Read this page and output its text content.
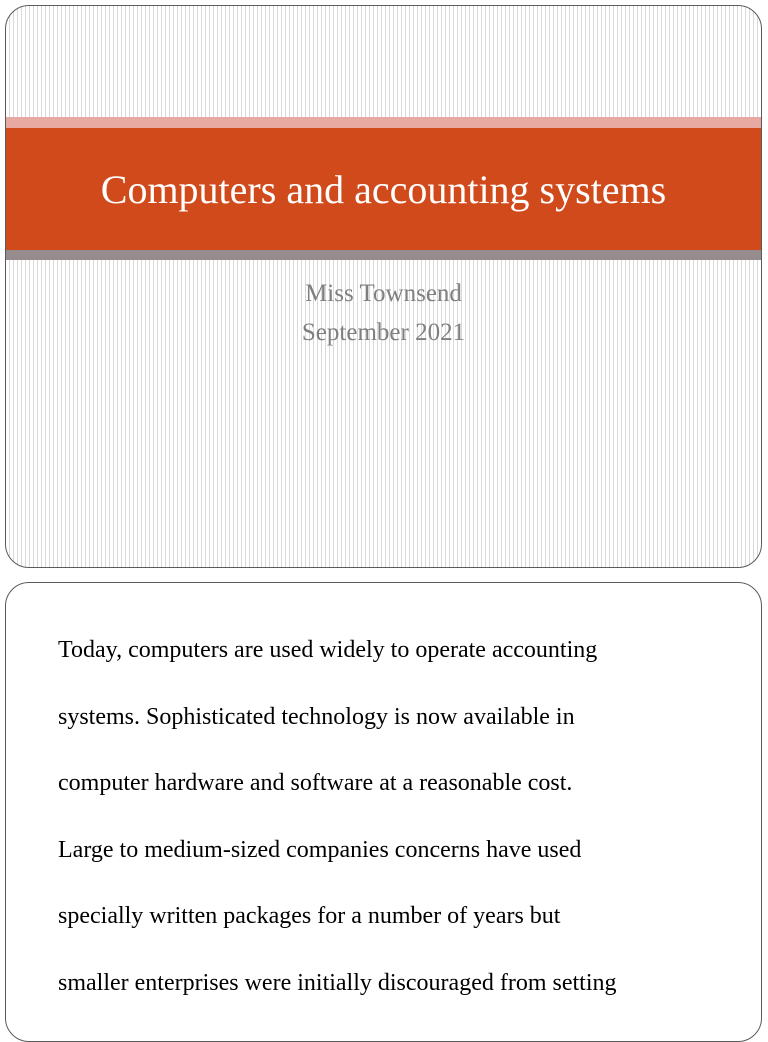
Computers and accounting systems
Miss Townsend
September 2021
Today, computers are used widely to operate accounting
systems. Sophisticated technology is now available in
computer hardware and software at a reasonable cost.
Large to medium-sized companies concerns have used
specially written packages for a number of years but
smaller enterprises were initially discouraged from setting
